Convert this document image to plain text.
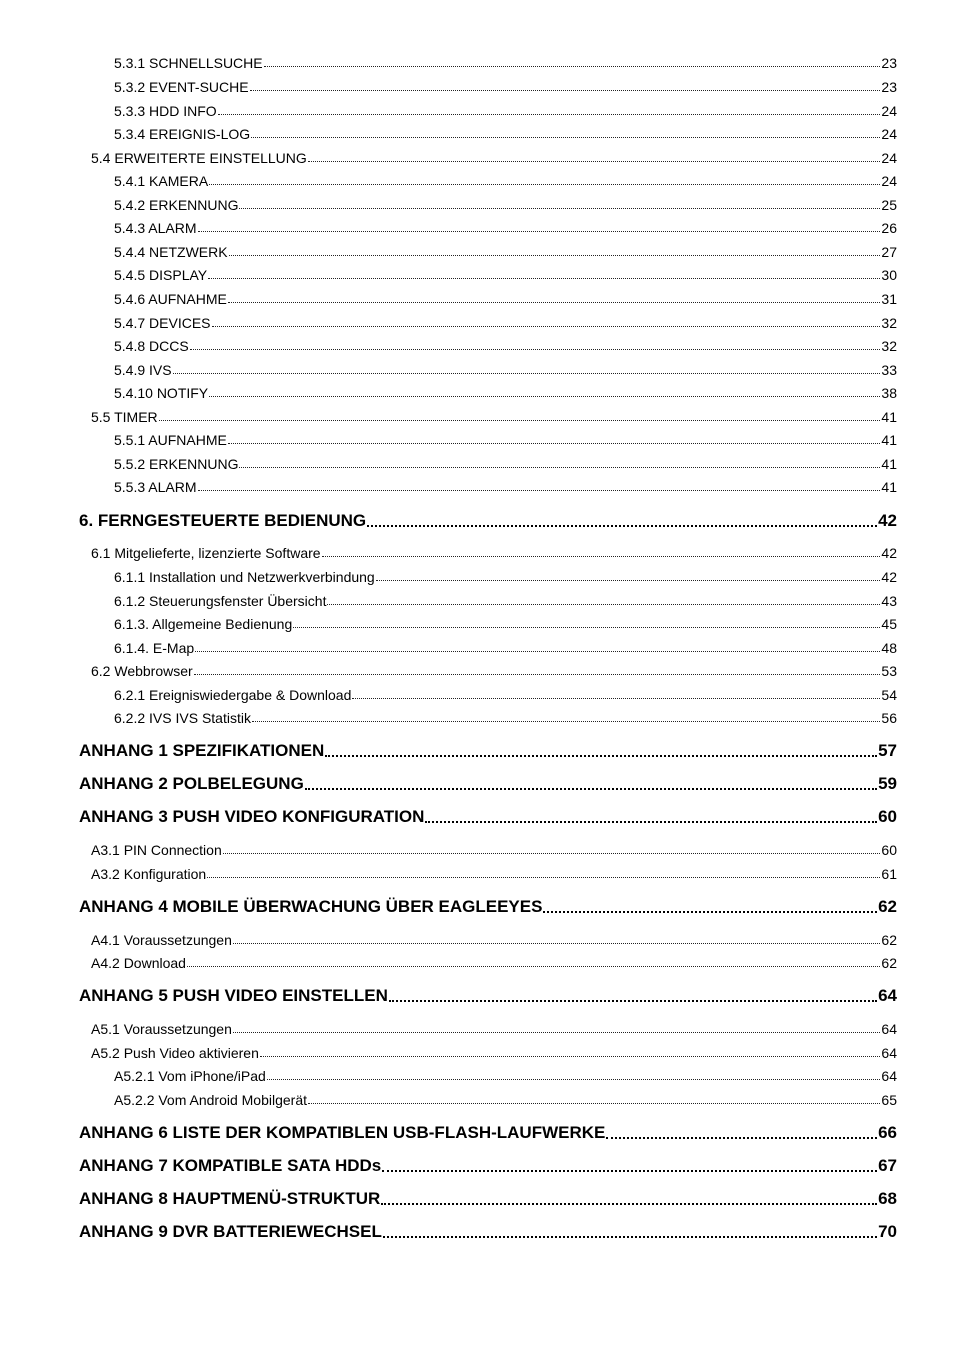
5.3.1 SCHNELLSUCHE	23
5.3.2 EVENT-SUCHE	23
5.3.3 HDD INFO	24
5.3.4 EREIGNIS-LOG	24
5.4 ERWEITERTE EINSTELLUNG	24
5.4.1 KAMERA	24
5.4.2 ERKENNUNG	25
5.4.3 ALARM	26
5.4.4 NETZWERK	27
5.4.5 DISPLAY	30
5.4.6 AUFNAHME	31
5.4.7 DEVICES	32
5.4.8 DCCS	32
5.4.9 IVS	33
5.4.10 NOTIFY	38
5.5 TIMER	41
5.5.1 AUFNAHME	41
5.5.2 ERKENNUNG	41
5.5.3 ALARM	41
6. FERNGESTEUERTE BEDIENUNG	42
6.1 Mitgelieferte, lizenzierte Software	42
6.1.1 Installation und Netzwerkverbindung	42
6.1.2 Steuerungsfenster Übersicht	43
6.1.3. Allgemeine Bedienung	45
6.1.4. E-Map	48
6.2 Webbrowser	53
6.2.1 Ereigniswiedergabe & Download	54
6.2.2 IVS IVS Statistik	56
ANHANG 1 SPEZIFIKATIONEN	57
ANHANG 2 POLBELEGUNG	59
ANHANG 3 PUSH VIDEO KONFIGURATION	60
A3.1 PIN Connection	60
A3.2 Konfiguration	61
ANHANG 4 MOBILE ÜBERWACHUNG ÜBER EAGLEEYES	62
A4.1 Voraussetzungen	62
A4.2 Download	62
ANHANG 5 PUSH VIDEO EINSTELLEN	64
A5.1 Voraussetzungen	64
A5.2 Push Video aktivieren	64
A5.2.1 Vom iPhone/iPad	64
A5.2.2 Vom Android Mobilgerät	65
ANHANG 6 LISTE DER KOMPATIBLEN USB-FLASH-LAUFWERKE	66
ANHANG 7 KOMPATIBLE SATA HDDs	67
ANHANG 8 HAUPTMENÜ-STRUKTUR	68
ANHANG 9 DVR BATTERIEWECHSEL	70
